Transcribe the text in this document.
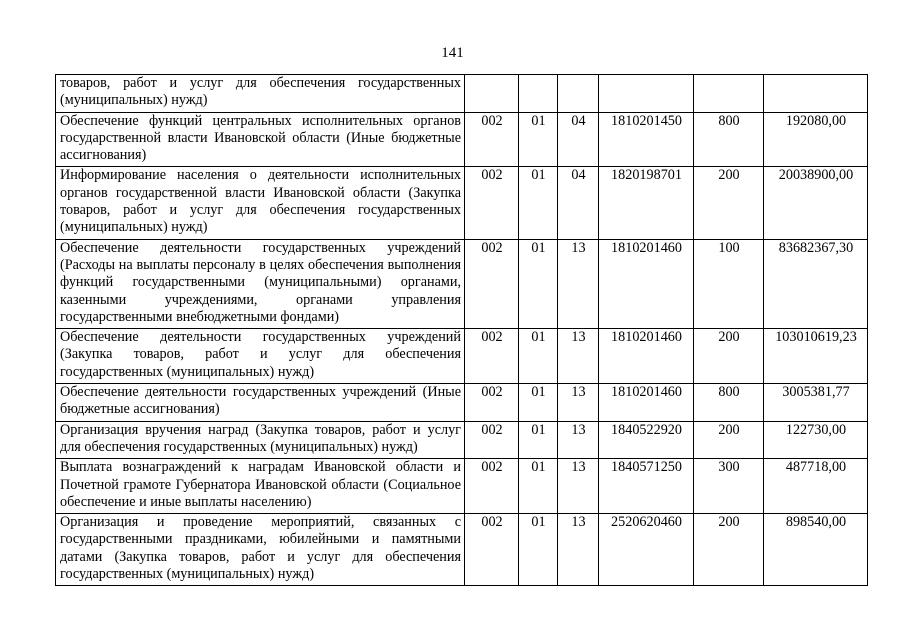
141
товаров, работ и услуг для обеспечения государственных (муниципальных) нужд)						
Обеспечение функций центральных исполнительных органов государственной власти Ивановской области (Иные бюджетные ассигнования)	002	01	04	1810201450	800	192080,00
Информирование населения о деятельности исполнительных органов государственной власти Ивановской области (Закупка товаров, работ и услуг для обеспечения государственных (муниципальных) нужд)	002	01	04	1820198701	200	20038900,00
Обеспечение деятельности государственных учреждений (Расходы на выплаты персоналу в целях обеспечения выполнения функций государственными (муниципальными) органами, казенными учреждениями, органами управления государственными внебюджетными фондами)	002	01	13	1810201460	100	83682367,30
Обеспечение деятельности государственных учреждений (Закупка товаров, работ и услуг для обеспечения государственных (муниципальных) нужд)	002	01	13	1810201460	200	103010619,23
Обеспечение деятельности государственных учреждений (Иные бюджетные ассигнования)	002	01	13	1810201460	800	3005381,77
Организация вручения наград (Закупка товаров, работ и услуг для обеспечения государственных (муниципальных) нужд)	002	01	13	1840522920	200	122730,00
Выплата вознаграждений к наградам Ивановской области и Почетной грамоте Губернатора Ивановской области (Социальное обеспечение и иные выплаты населению)	002	01	13	1840571250	300	487718,00
Организация и проведение мероприятий, связанных с государственными праздниками, юбилейными и памятными датами (Закупка товаров, работ и услуг для обеспечения государственных (муниципальных) нужд)	002	01	13	2520620460	200	898540,00
